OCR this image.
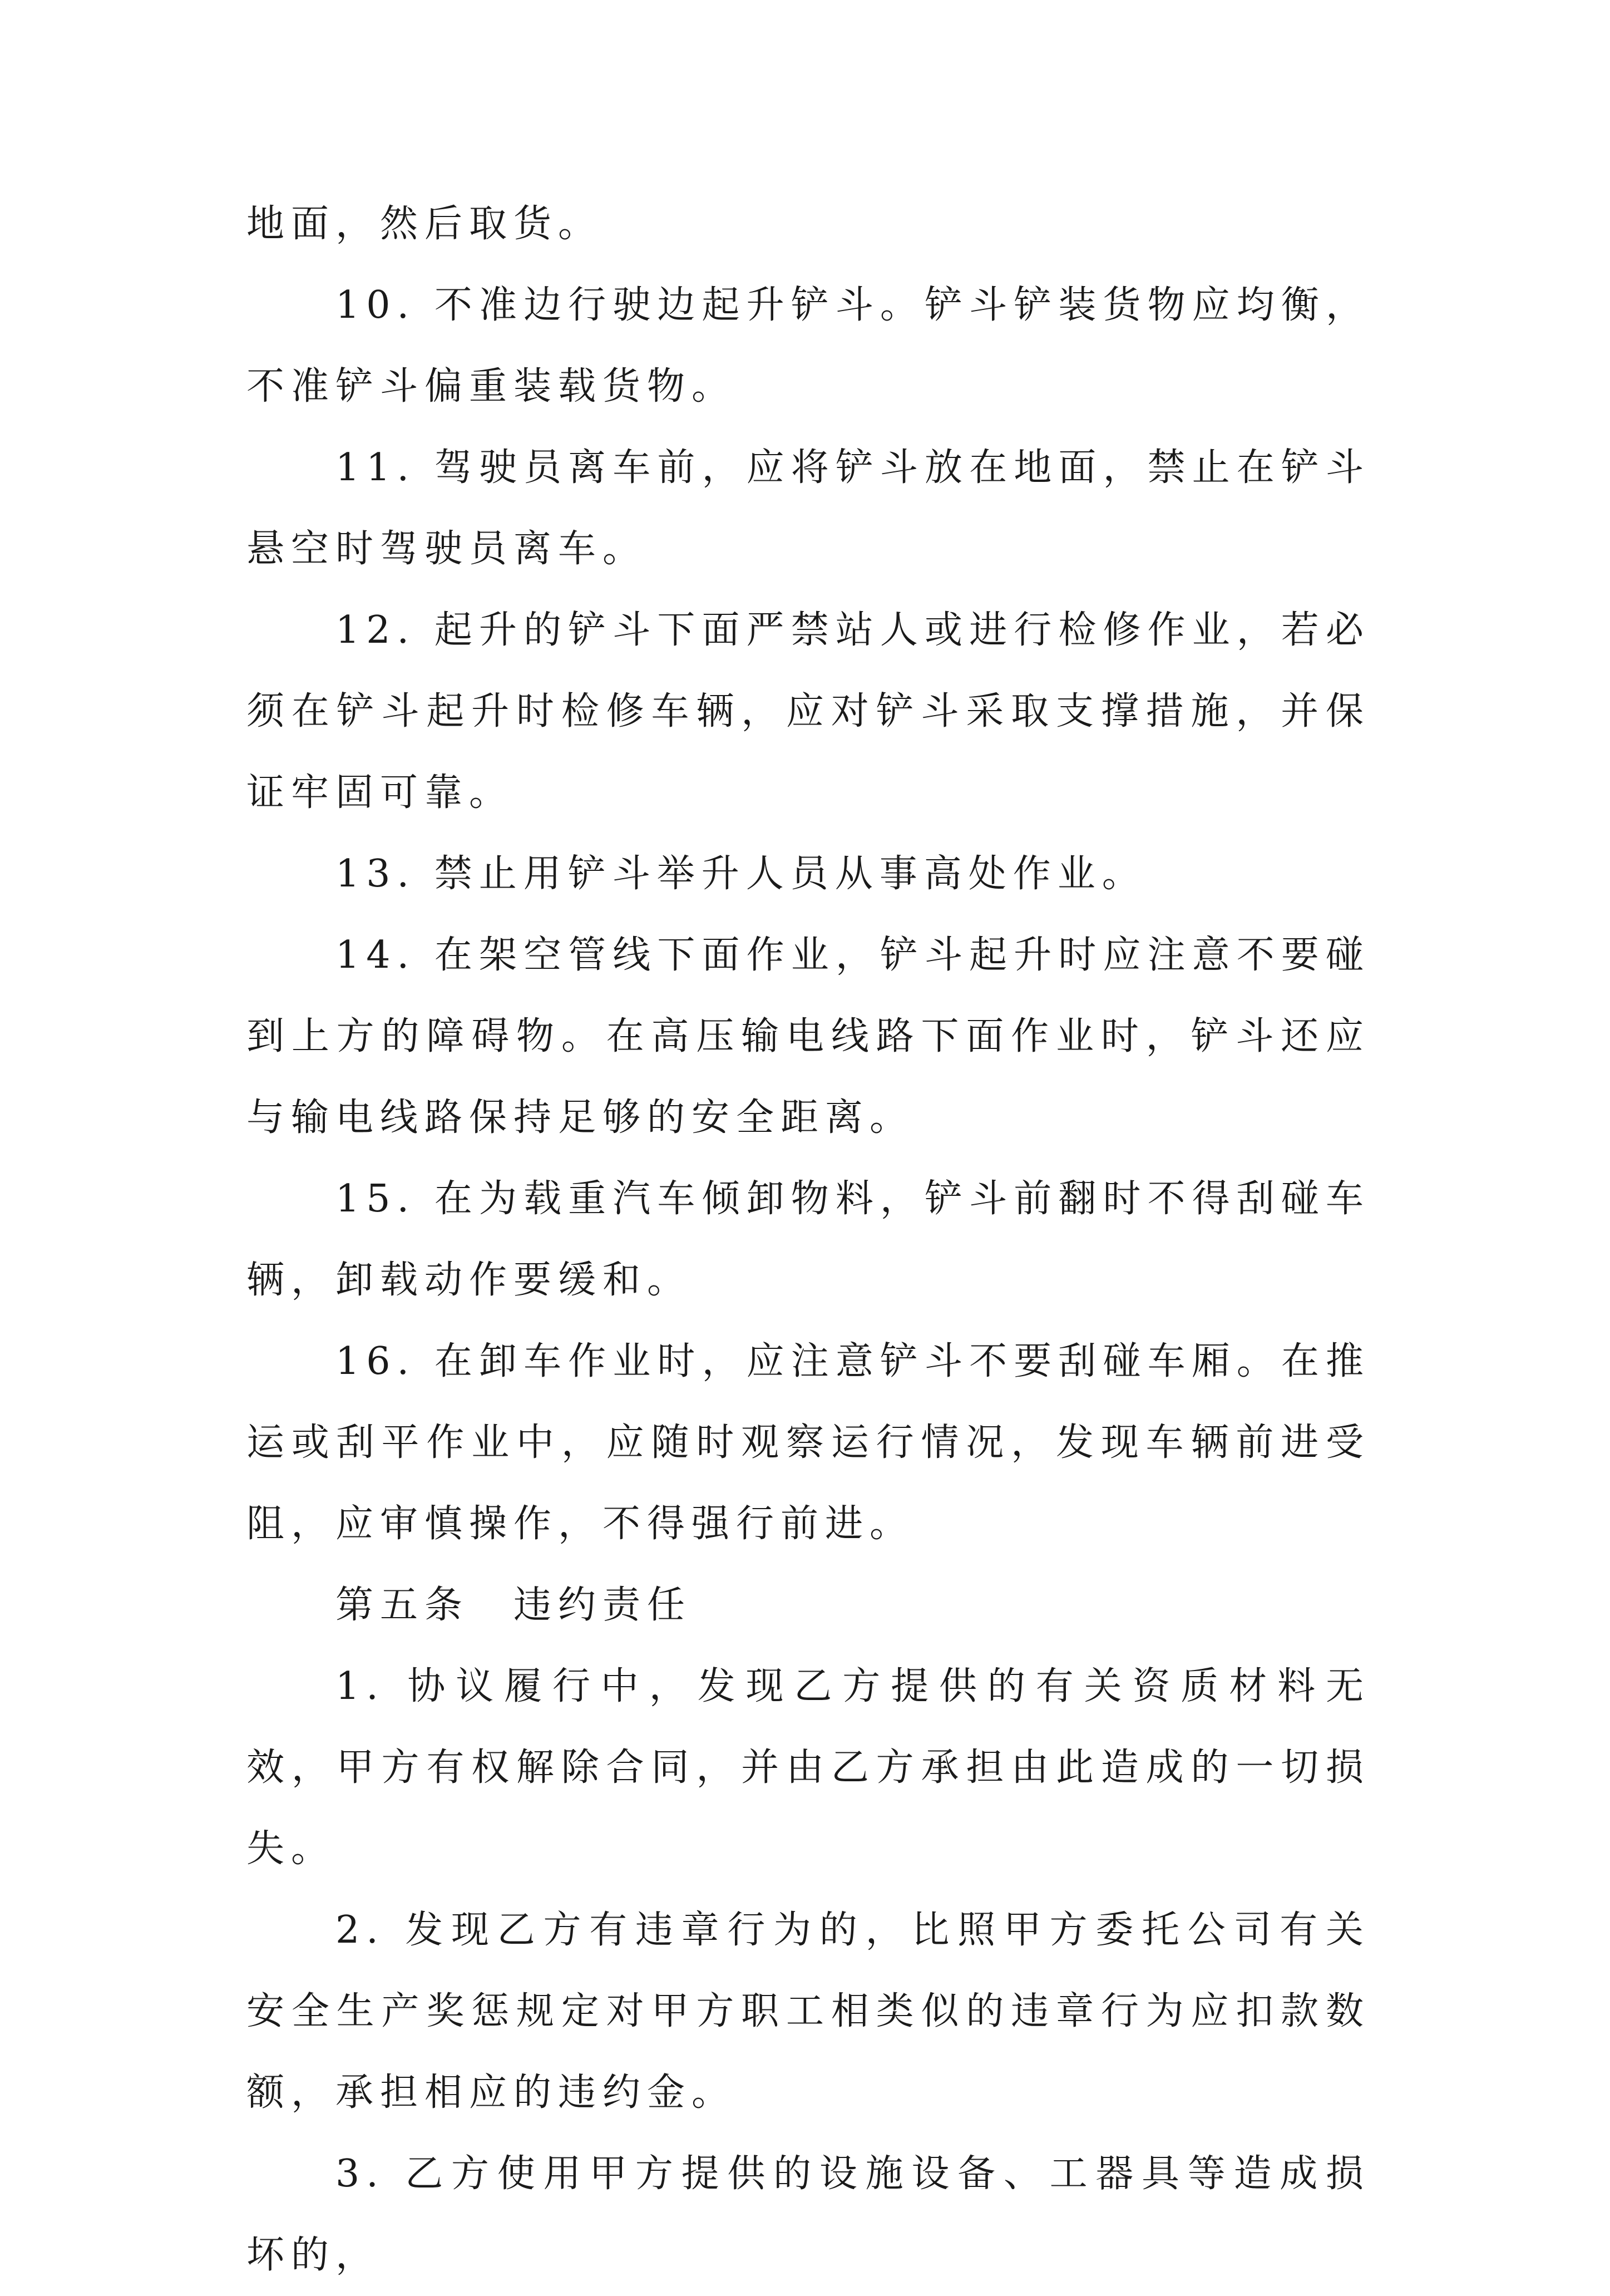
地面，然后取货。

10. 不准边行驶边起升铲斗。铲斗铲装货物应均衡，不准铲斗偏重装载货物。

11. 驾驶员离车前，应将铲斗放在地面，禁止在铲斗悬空时驾驶员离车。

12. 起升的铲斗下面严禁站人或进行检修作业，若必须在铲斗起升时检修车辆，应对铲斗采取支撑措施，并保证牢固可靠。

13. 禁止用铲斗举升人员从事高处作业。

14. 在架空管线下面作业，铲斗起升时应注意不要碰到上方的障碍物。在高压输电线路下面作业时，铲斗还应与输电线路保持足够的安全距离。

15. 在为载重汽车倾卸物料，铲斗前翻时不得刮碰车辆，卸载动作要缓和。

16. 在卸车作业时，应注意铲斗不要刮碰车厢。在推运或刮平作业中，应随时观察运行情况，发现车辆前进受阻，应审慎操作，不得强行前进。

第五条　违约责任

1. 协议履行中，发现乙方提供的有关资质材料无效，甲方有权解除合同，并由乙方承担由此造成的一切损失。

2. 发现乙方有违章行为的，比照甲方委托公司有关安全生产奖惩规定对甲方职工相类似的违章行为应扣款数额，承担相应的违约金。

3. 乙方使用甲方提供的设施设备、工器具等造成损坏的，
